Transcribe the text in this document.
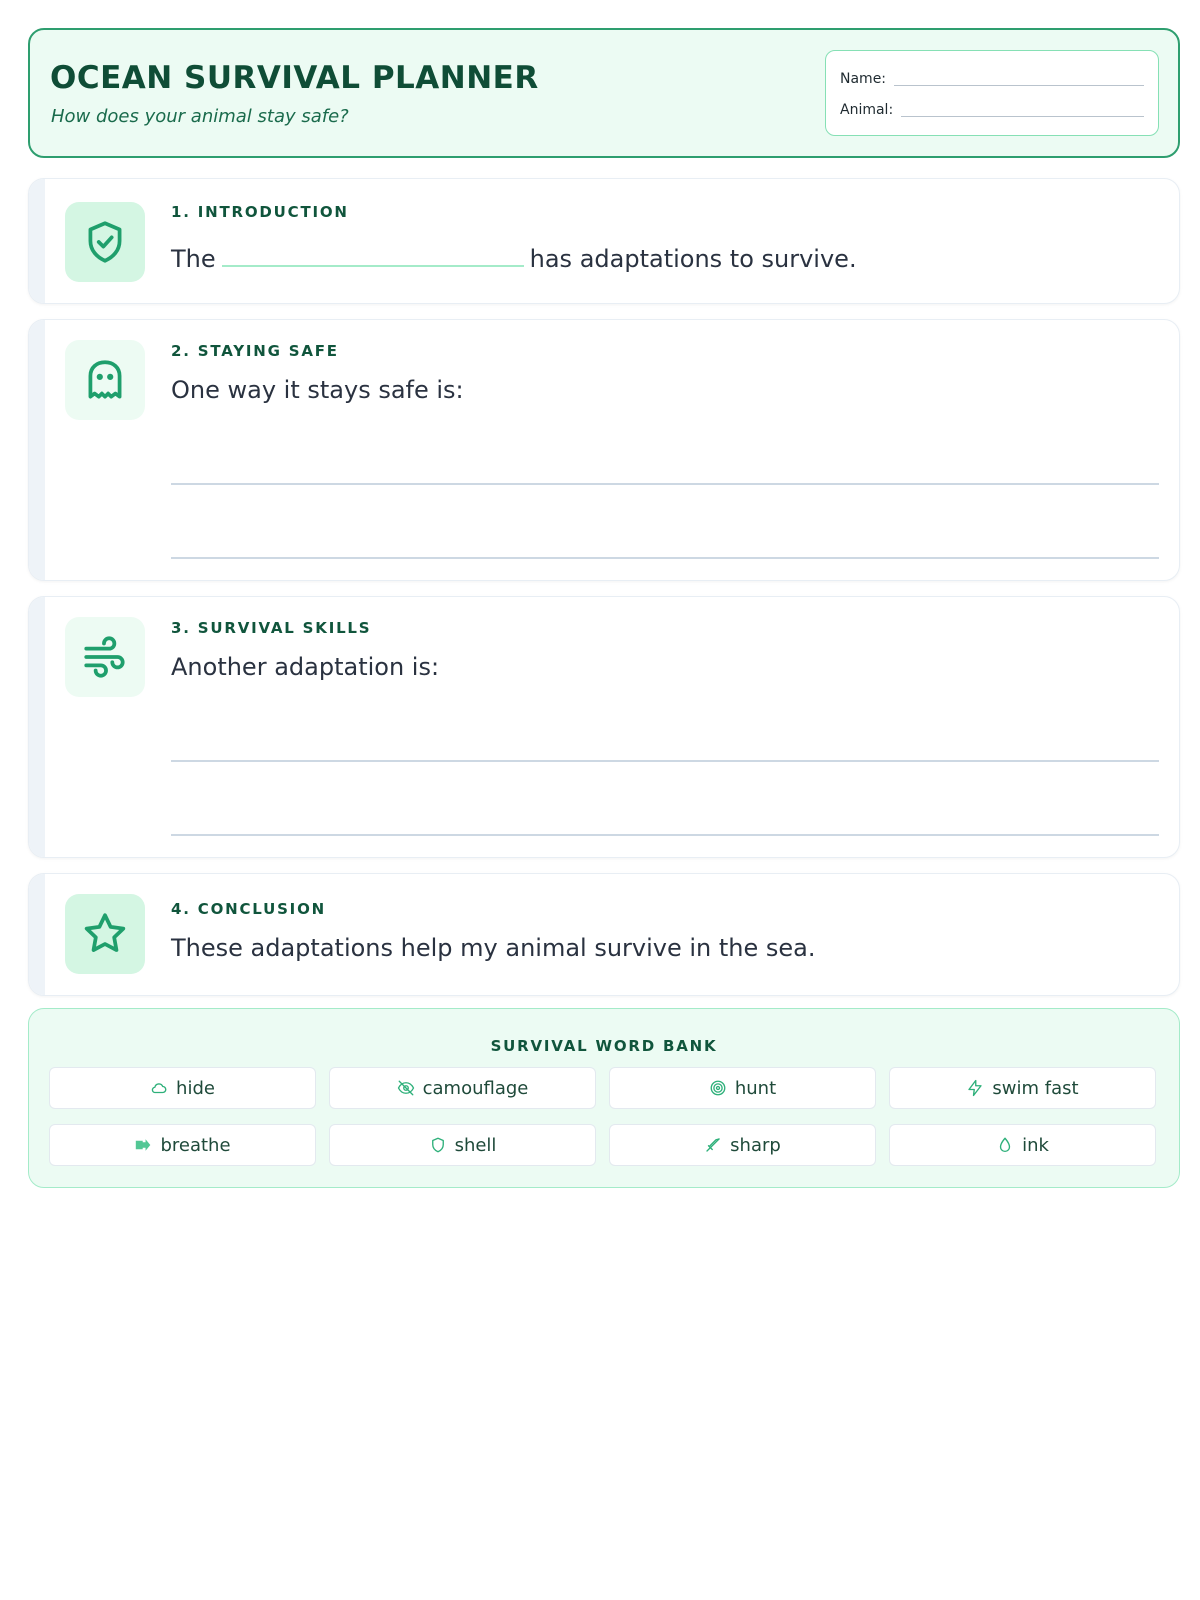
OCEAN SURVIVAL PLANNER
How does your animal stay safe?
Name:
Animal:
1. INTRODUCTION
The	has adaptations to survive.
2. STAYING SAFE
One way it stays safe is:
3. SURVIVAL SKILLS
Another adaptation is:
4. CONCLUSION
These adaptations help my animal survive in the sea.
SURVIVAL WORD BANK
hide	camouflage	hunt	swim fast
breathe	shell	sharp	ink
